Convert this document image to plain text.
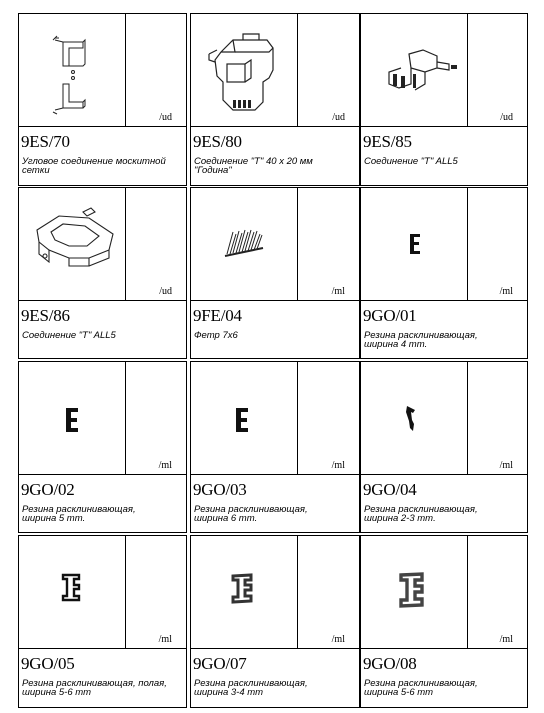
/ud
9ES/70
Угловое соединение москитной
сетки
/ud
9ES/80
Соединение "T" 40 x 20 мм
"Година"
/ud
9ES/85
Соединение "T" ALL5
/ud
9ES/86
Соединение "T" ALL5
/ml
9FE/04
Фетр 7x6
/ml
9GO/01
Резина расклинивающая,
ширина 4 mm.
/ml
9GO/02
Резина расклинивающая,
ширина 5 mm.
/ml
9GO/03
Резина расклинивающая,
ширина 6 mm.
/ml
9GO/04
Резина расклинивающая,
ширина 2-3 mm.
/ml
9GO/05
Резина расклинивающая, полая,
ширина 5-6 mm
/ml
9GO/07
Резина расклинивающая,
ширина 3-4 mm
/ml
9GO/08
Резина расклинивающая,
ширина 5-6 mm
